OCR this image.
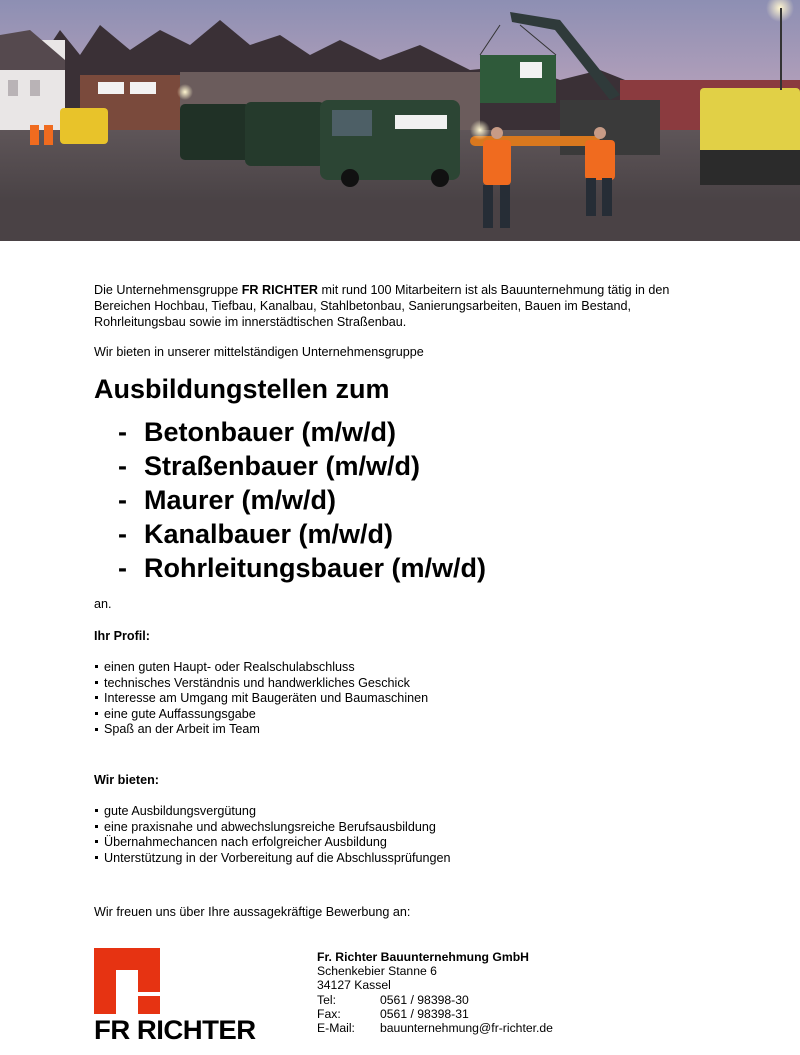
Die Unternehmensgruppe FR RICHTER mit rund 100 Mitarbeitern ist als Bauunternehmung tätig in den
Bereichen Hochbau, Tiefbau, Kanalbau, Stahlbetonbau, Sanierungsarbeiten, Bauen im Bestand,
Rohrleitungsbau sowie im innerstädtischen Straßenbau.

Wir bieten in unserer mittelständigen Unternehmensgruppe

Ausbildungstellen zum
- Betonbauer (m/w/d)
- Straßenbauer (m/w/d)
- Maurer (m/w/d)
- Kanalbauer (m/w/d)
- Rohrleitungsbauer (m/w/d)

an.

Ihr Profil:

einen guten Haupt- oder Realschulabschluss
technisches Verständnis und handwerkliches Geschick
Interesse am Umgang mit Baugeräten und Baumaschinen
eine gute Auffassungsgabe
Spaß an der Arbeit im Team

Wir bieten:

gute Ausbildungsvergütung
eine praxisnahe und abwechslungsreiche Berufsausbildung
Übernahmechancen nach erfolgreicher Ausbildung
Unterstützung in der Vorbereitung auf die Abschlussprüfungen

Wir freuen uns über Ihre aussagekräftige Bewerbung an:

FR RICHTER
Fr. Richter Bauunternehmung GmbH
Schenkebier Stanne 6
34127 Kassel
Tel:	0561 / 98398-30
Fax:	0561 / 98398-31
E-Mail: bauunternehmung@fr-richter.de
